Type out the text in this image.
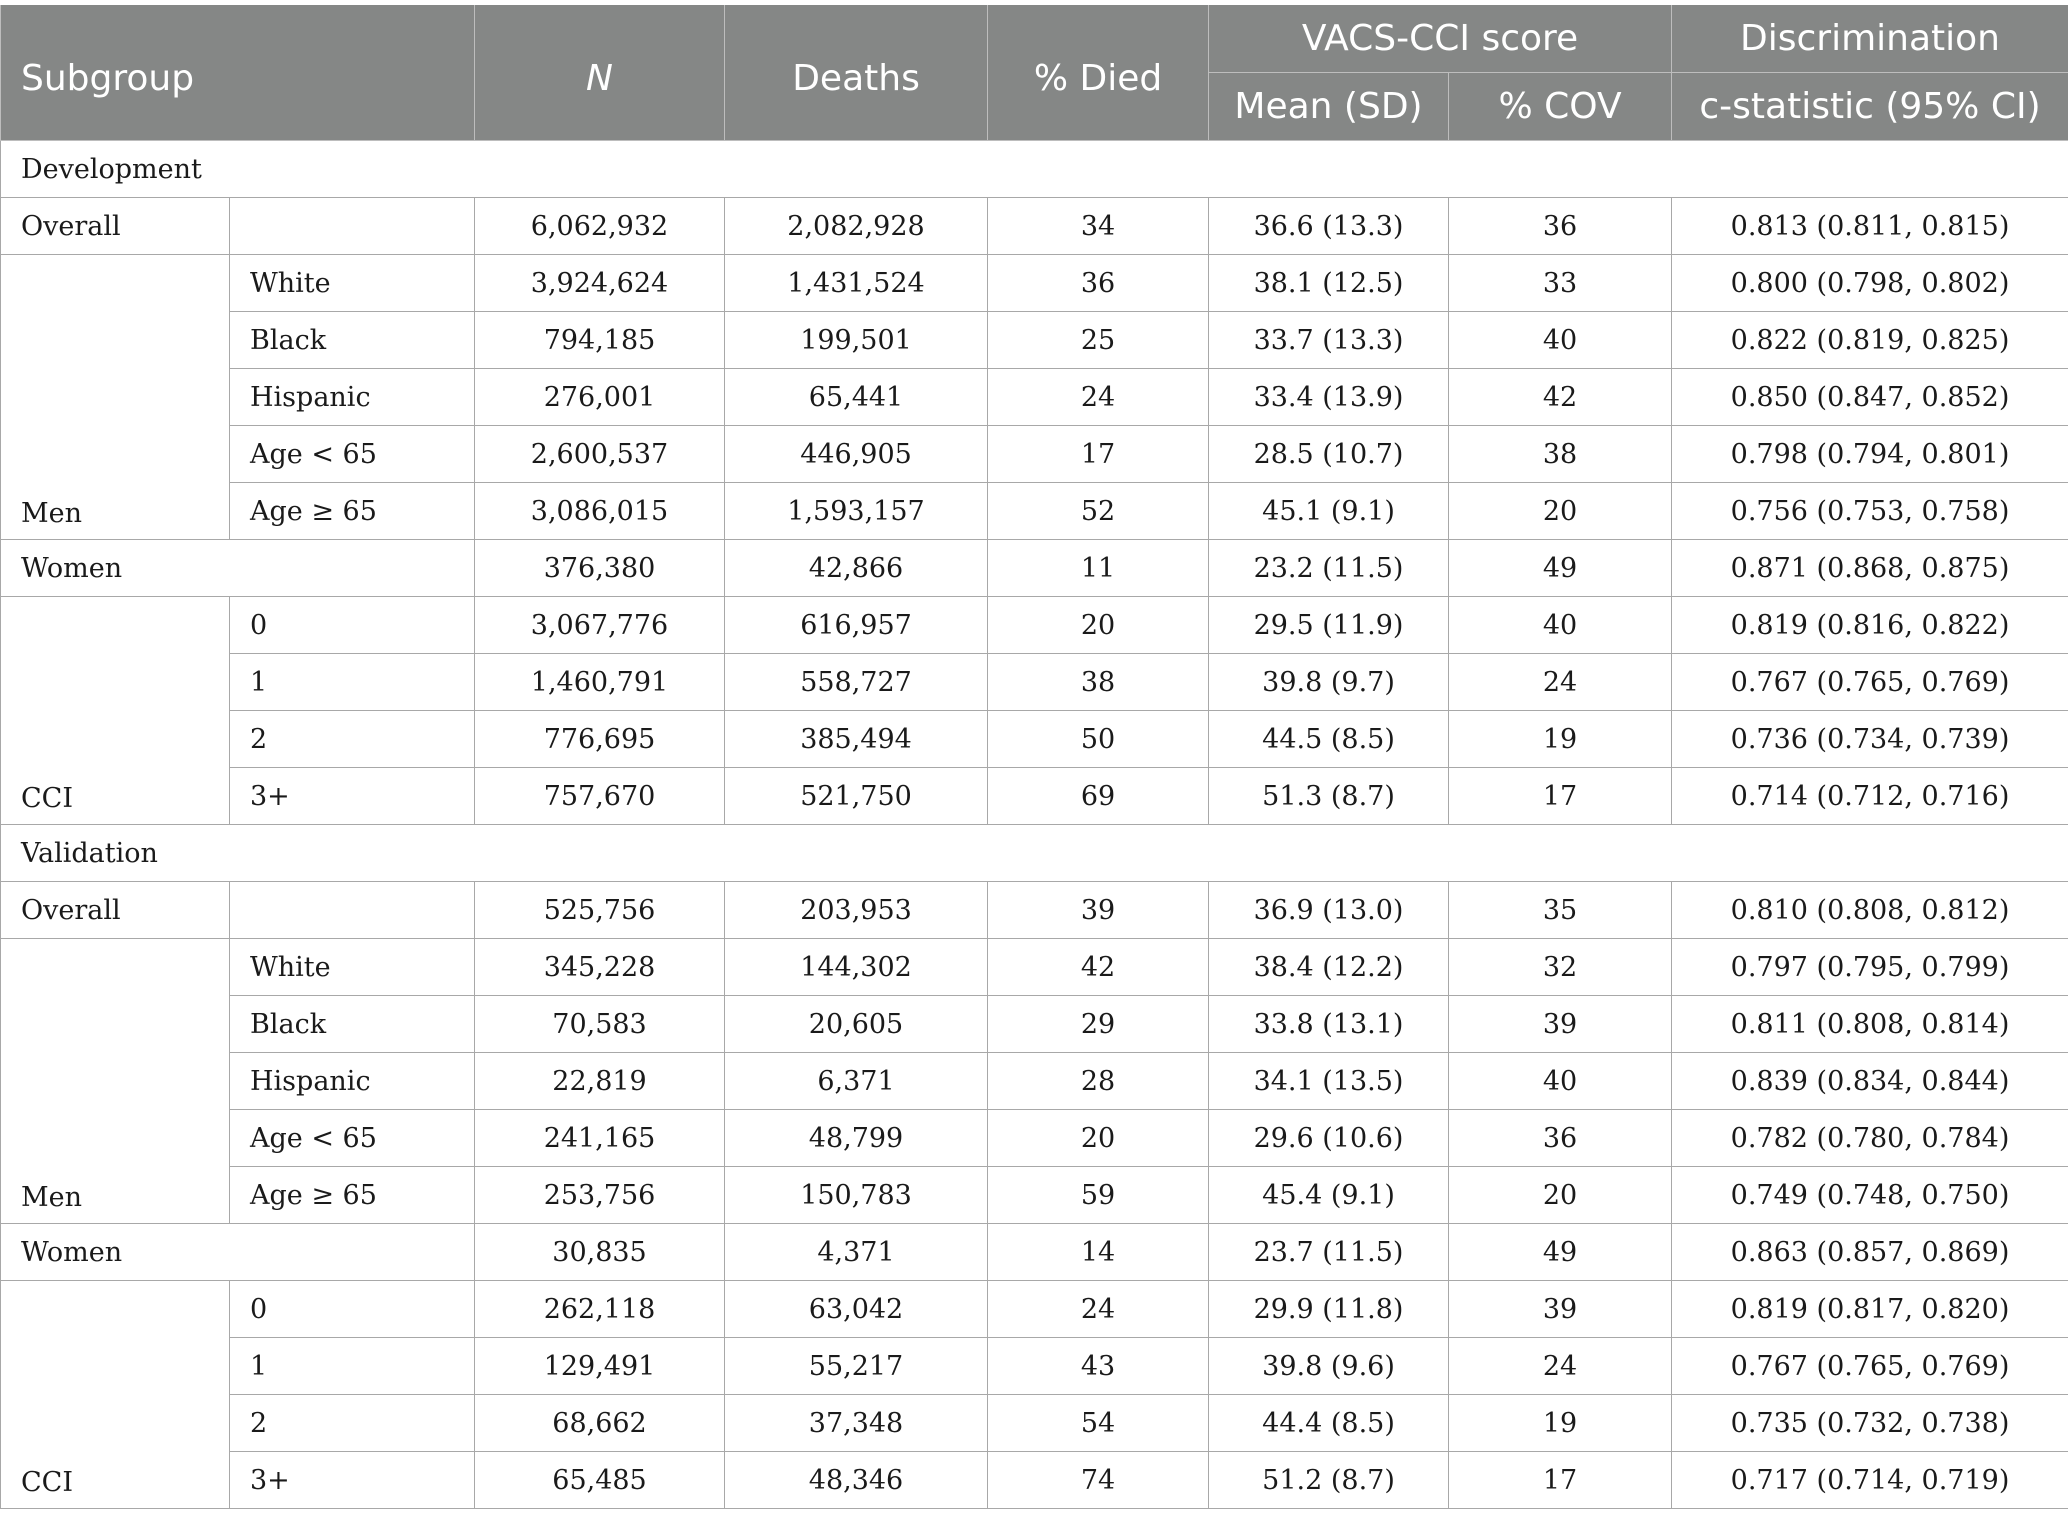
Subgroup		N	Deaths	% Died	VACS-CCI score		Discrimination
					Mean (SD)	% COV	c-statistic (95% CI)
Development							
Overall		6,062,932	2,082,928	34	36.6 (13.3)	36	0.813 (0.811, 0.815)
Men	White	3,924,624	1,431,524	36	38.1 (12.5)	33	0.800 (0.798, 0.802)
	Black	794,185	199,501	25	33.7 (13.3)	40	0.822 (0.819, 0.825)
	Hispanic	276,001	65,441	24	33.4 (13.9)	42	0.850 (0.847, 0.852)
	Age < 65	2,600,537	446,905	17	28.5 (10.7)	38	0.798 (0.794, 0.801)
	Age ≥ 65	3,086,015	1,593,157	52	45.1 (9.1)	20	0.756 (0.753, 0.758)
Women		376,380	42,866	11	23.2 (11.5)	49	0.871 (0.868, 0.875)
CCI	0	3,067,776	616,957	20	29.5 (11.9)	40	0.819 (0.816, 0.822)
	1	1,460,791	558,727	38	39.8 (9.7)	24	0.767 (0.765, 0.769)
	2	776,695	385,494	50	44.5 (8.5)	19	0.736 (0.734, 0.739)
	3+	757,670	521,750	69	51.3 (8.7)	17	0.714 (0.712, 0.716)
Validation							
Overall		525,756	203,953	39	36.9 (13.0)	35	0.810 (0.808, 0.812)
Men	White	345,228	144,302	42	38.4 (12.2)	32	0.797 (0.795, 0.799)
	Black	70,583	20,605	29	33.8 (13.1)	39	0.811 (0.808, 0.814)
	Hispanic	22,819	6,371	28	34.1 (13.5)	40	0.839 (0.834, 0.844)
	Age < 65	241,165	48,799	20	29.6 (10.6)	36	0.782 (0.780, 0.784)
	Age ≥ 65	253,756	150,783	59	45.4 (9.1)	20	0.749 (0.748, 0.750)
Women		30,835	4,371	14	23.7 (11.5)	49	0.863 (0.857, 0.869)
CCI	0	262,118	63,042	24	29.9 (11.8)	39	0.819 (0.817, 0.820)
	1	129,491	55,217	43	39.8 (9.6)	24	0.767 (0.765, 0.769)
	2	68,662	37,348	54	44.4 (8.5)	19	0.735 (0.732, 0.738)
	3+	65,485	48,346	74	51.2 (8.7)	17	0.717 (0.714, 0.719)
